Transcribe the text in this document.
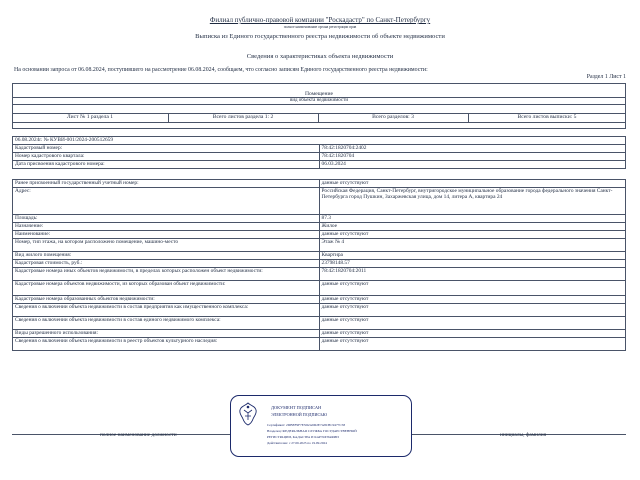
Филиал публично-правовой компании "Роскадастр" по Санкт-Петербургу
полное наименование органа регистрации прав
Выписка из Единого государственного реестра недвижимости об объекте недвижимости
Сведения о характеристиках объекта недвижимости
На основании запроса от 06.08.2024, поступившего на рассмотрение 06.08.2024, сообщаем, что согласно записям Единого государственного реестра недвижимости:
Раздел 1 Лист 1
Помещение
вид объекта недвижимости
Лист № 1 раздела 1	Всего листов раздела 1: 2	Всего разделов: 3	Всего листов выписки: 5
06.08.2024г. № КУВИ-001/2024-200512659	
Кадастровый номер:	78:42:1820704:2402
Номер кадастрового квартала:	78:42:1820704
Дата присвоения кадастрового номера:	06.03.2024

Ранее присвоенный государственный учетный номер:	данные отсутствуют
Адрес:	Российская Федерация, Санкт-Петербург, внутригородское муниципальное образование города федерального значения Санкт-Петербурга город Пушкин, Захаржевская улица, дом 14, литера А, квартира 24
Площадь:	87.3
Назначение:	Жилое
Наименование:	данные отсутствуют
Номер, тип этажа, на котором расположено помещение, машино-место	Этаж № 4
Вид жилого помещения:	Квартира
Кадастровая стоимость, руб.:	23798148.57
Кадастровые номера иных объектов недвижимости, в пределах которых расположен объект недвижимости:	78:42:1820704:2011
Кадастровые номера объектов недвижимости, из которых образован объект недвижимости:	данные отсутствуют
Кадастровые номера образованных объектов недвижимости:	данные отсутствуют
Сведения о включении объекта недвижимости в состав предприятия как имущественного комплекса:	данные отсутствуют
Сведения о включении объекта недвижимости в состав единого недвижимого комплекса:	данные отсутствуют
Виды разрешенного использования:	данные отсутствуют
Сведения о включении объекта недвижимости в реестр объектов культурного наследия:	данные отсутствуют
полное наименование должности	инициалы, фамилия
ДОКУМЕНТ ПОДПИСАН
ЭЛЕКТРОННОЙ ПОДПИСЬЮ
Сертификат: 2DBEF9F7E3D2A9D2E7A8CBC9477C58
Владелец: ФЕДЕРАЛЬНАЯ СЛУЖБА ГОСУДАРСТВЕННОЙ
РЕГИСТРАЦИИ, КАДАСТРА И КАРТОГРАФИИ
Действителен: с 27.06.2023 по 19.09.2024
